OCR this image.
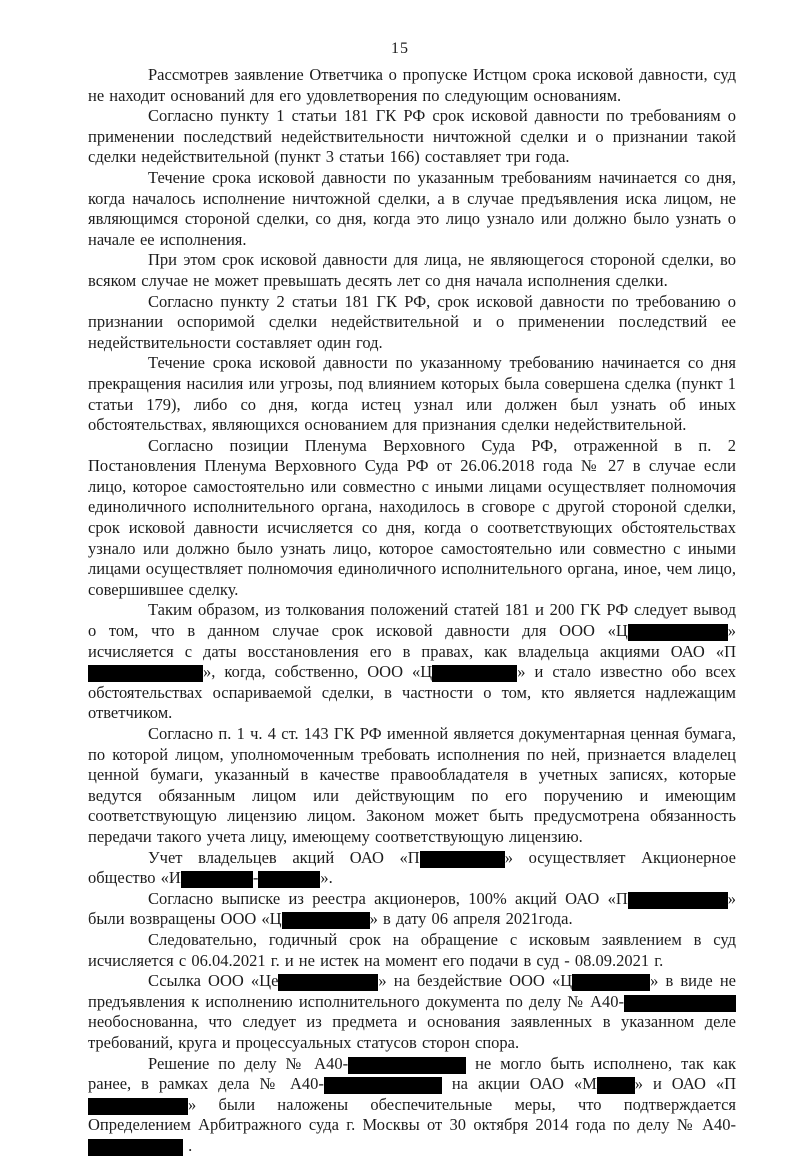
15

Рассмотрев заявление Ответчика о пропуске Истцом срока исковой давности, суд не находит оснований для его удовлетворения по следующим основаниям.

Согласно пункту 1 статьи 181 ГК РФ срок исковой давности по требованиям о применении последствий недействительности ничтожной сделки и о признании такой сделки недействительной (пункт 3 статьи 166) составляет три года.

Течение срока исковой давности по указанным требованиям начинается со дня, когда началось исполнение ничтожной сделки, а в случае предъявления иска лицом, не являющимся стороной сделки, со дня, когда это лицо узнало или должно было узнать о начале ее исполнения.

При этом срок исковой давности для лица, не являющегося стороной сделки, во всяком случае не может превышать десять лет со дня начала исполнения сделки.

Согласно пункту 2 статьи 181 ГК РФ, срок исковой давности по требованию о признании оспоримой сделки недействительной и о применении последствий ее недействительности составляет один год.

Течение срока исковой давности по указанному требованию начинается со дня прекращения насилия или угрозы, под влиянием которых была совершена сделка (пункт 1 статьи 179), либо со дня, когда истец узнал или должен был узнать об иных обстоятельствах, являющихся основанием для признания сделки недействительной.

Согласно позиции Пленума Верховного Суда РФ, отраженной в п. 2 Постановления Пленума Верховного Суда РФ от 26.06.2018 года № 27 в случае если лицо, которое самостоятельно или совместно с иными лицами осуществляет полномочия единоличного исполнительного органа, находилось в сговоре с другой стороной сделки, срок исковой давности исчисляется со дня, когда о соответствующих обстоятельствах узнало или должно было узнать лицо, которое самостоятельно или совместно с иными лицами осуществляет полномочия единоличного исполнительного органа, иное, чем лицо, совершившее сделку.

Таким образом, из толкования положений статей 181 и 200 ГК РФ следует вывод о том, что в данном случае срок исковой давности для ООО «Ц	» исчисляется с даты восстановления его в правах, как владельца акциями ОАО «П», когда, собственно, ООО «Ц	» и стало известно обо всех обстоятельствах оспариваемой сделки, в частности о том, кто является надлежащим ответчиком.

Согласно п. 1 ч. 4 ст. 143 ГК РФ именной является документарная ценная бумага, по которой лицом, уполномоченным требовать исполнения по ней, признается владелец ценной бумаги, указанный в качестве правообладателя в учетных записях, которые ведутся обязанным лицом или действующим по его поручению и имеющим соответствующую лицензию лицом. Законом может быть предусмотрена обязанность передачи такого учета лицу, имеющему соответствующую лицензию.

Учет владельцев акций ОАО «П	» осуществляет Акционерное общество «И	-	».

Согласно выписке из реестра акционеров, 100% акций ОАО «П	» были возвращены ООО «Ц	» в дату 06 апреля 2021года.

Следовательно, годичный срок на обращение с исковым заявлением в суд исчисляется с 06.04.2021 г. и не истек на момент его подачи в суд - 08.09.2021 г.

Ссылка ООО «Це	» на бездействие ООО «Ц	» в виде не предъявления к исполнению исполнительного документа по делу № А40- необоснованна, что следует из предмета и основания заявленных в указанном деле требований, круга и процессуальных статусов сторон спора.

Решение по делу № А40-	не могло быть исполнено, так как ранее, в рамках дела № А40-	на акции ОАО «М » и ОАО «П» были наложены обеспечительные меры, что подтверждается Определением Арбитражного суда г. Москвы от 30 октября 2014 года по делу № А40- .
